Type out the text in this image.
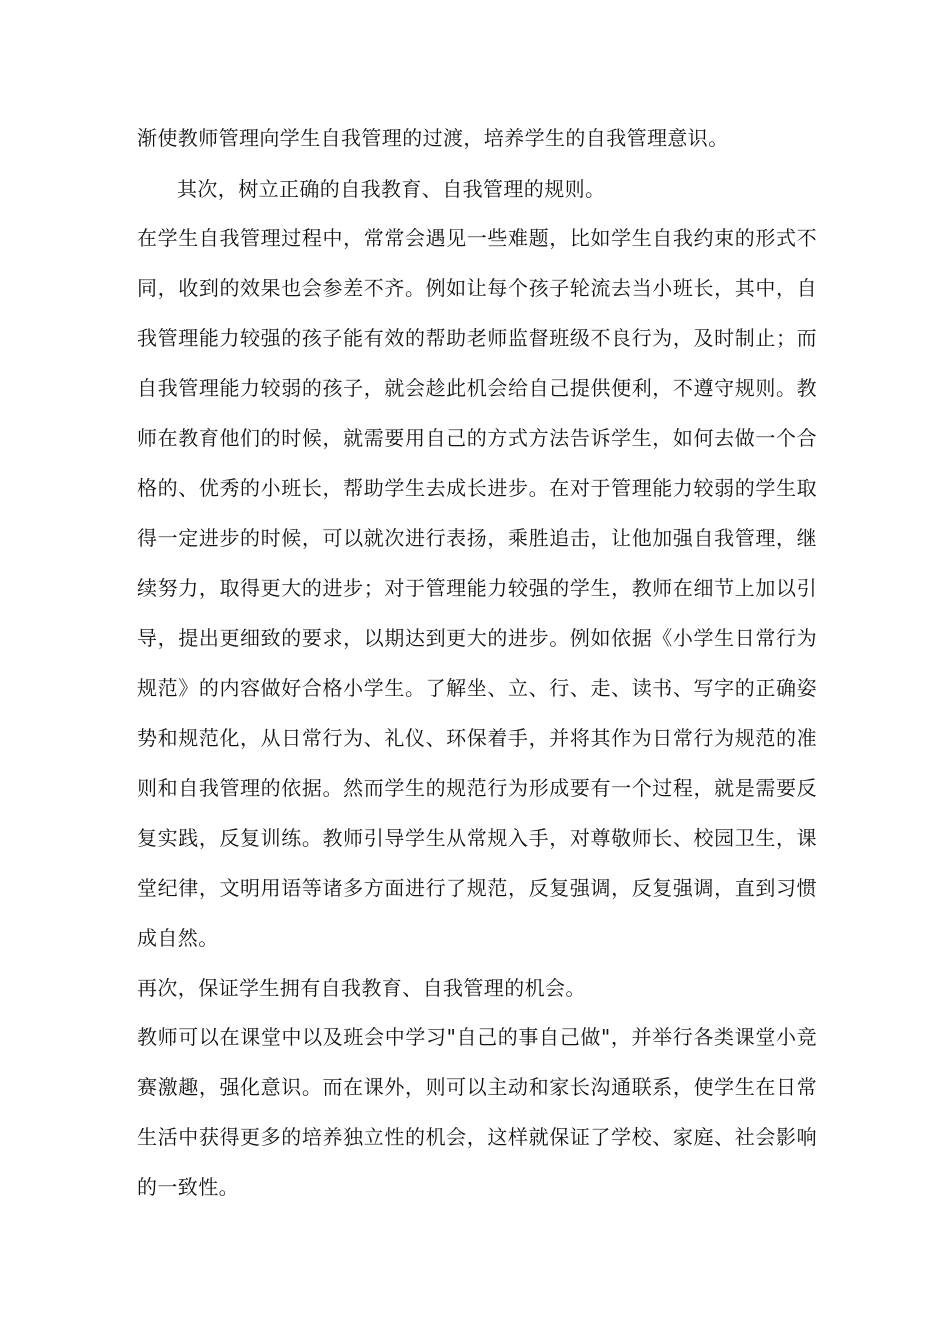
渐使教师管理向学生自我管理的过渡，培养学生的自我管理意识。
其次，树立正确的自我教育、自我管理的规则。
在学生自我管理过程中，常常会遇见一些难题，比如学生自我约束的形式不
同，收到的效果也会参差不齐。例如让每个孩子轮流去当小班长，其中，自
我管理能力较强的孩子能有效的帮助老师监督班级不良行为，及时制止；而
自我管理能力较弱的孩子，就会趁此机会给自己提供便利，不遵守规则。教
师在教育他们的时候，就需要用自己的方式方法告诉学生，如何去做一个合
格的、优秀的小班长，帮助学生去成长进步。在对于管理能力较弱的学生取
得一定进步的时候，可以就次进行表扬，乘胜追击，让他加强自我管理，继
续努力，取得更大的进步；对于管理能力较强的学生，教师在细节上加以引
导，提出更细致的要求，以期达到更大的进步。例如依据《小学生日常行为
规范》的内容做好合格小学生。了解坐、立、行、走、读书、写字的正确姿
势和规范化，从日常行为、礼仪、环保着手，并将其作为日常行为规范的准
则和自我管理的依据。然而学生的规范行为形成要有一个过程，就是需要反
复实践，反复训练。教师引导学生从常规入手，对尊敬师长、校园卫生，课
堂纪律，文明用语等诸多方面进行了规范，反复强调，反复强调，直到习惯
成自然。
再次，保证学生拥有自我教育、自我管理的机会。
教师可以在课堂中以及班会中学习"自己的事自己做"，并举行各类课堂小竞
赛激趣，强化意识。而在课外，则可以主动和家长沟通联系，使学生在日常
生活中获得更多的培养独立性的机会，这样就保证了学校、家庭、社会影响
的一致性。
